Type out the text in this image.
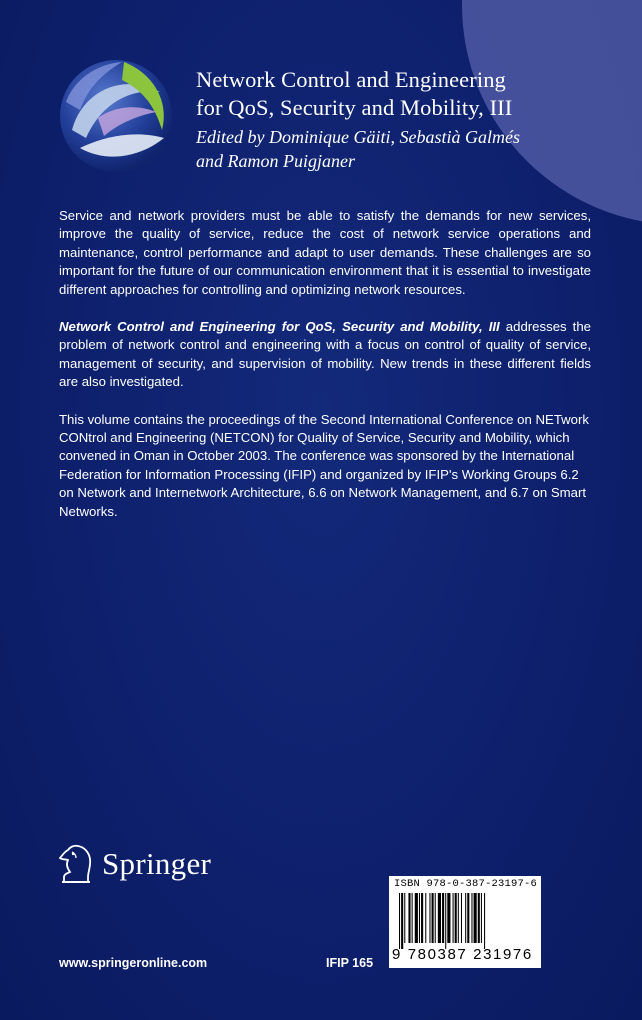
Network Control and Engineering
for QoS, Security and Mobility, III
Edited by Dominique Gäiti, Sebastià Galmés
and Ramon Puigjaner

Service and network providers must be able to satisfy the demands for new services, improve the quality of service, reduce the cost of network service operations and maintenance, control performance and adapt to user demands. These challenges are so important for the future of our communication environment that it is essential to investigate different approaches for controlling and optimizing network resources.

Network Control and Engineering for QoS, Security and Mobility, III addresses the problem of network control and engineering with a focus on control of quality of service, management of security, and supervision of mobility. New trends in these different fields are also investigated.

This volume contains the proceedings of the Second International Conference on NETwork CONtrol and Engineering (NETCON) for Quality of Service, Security and Mobility, which convened in Oman in October 2003. The conference was sponsored by the International Federation for Information Processing (IFIP) and organized by IFIP's Working Groups 6.2 on Network and Internetwork Architecture, 6.6 on Network Management, and 6.7 on Smart Networks.

Springer
www.springeronline.com	IFIP 165
ISBN 978-0-387-23197-6
9 780387 231976
